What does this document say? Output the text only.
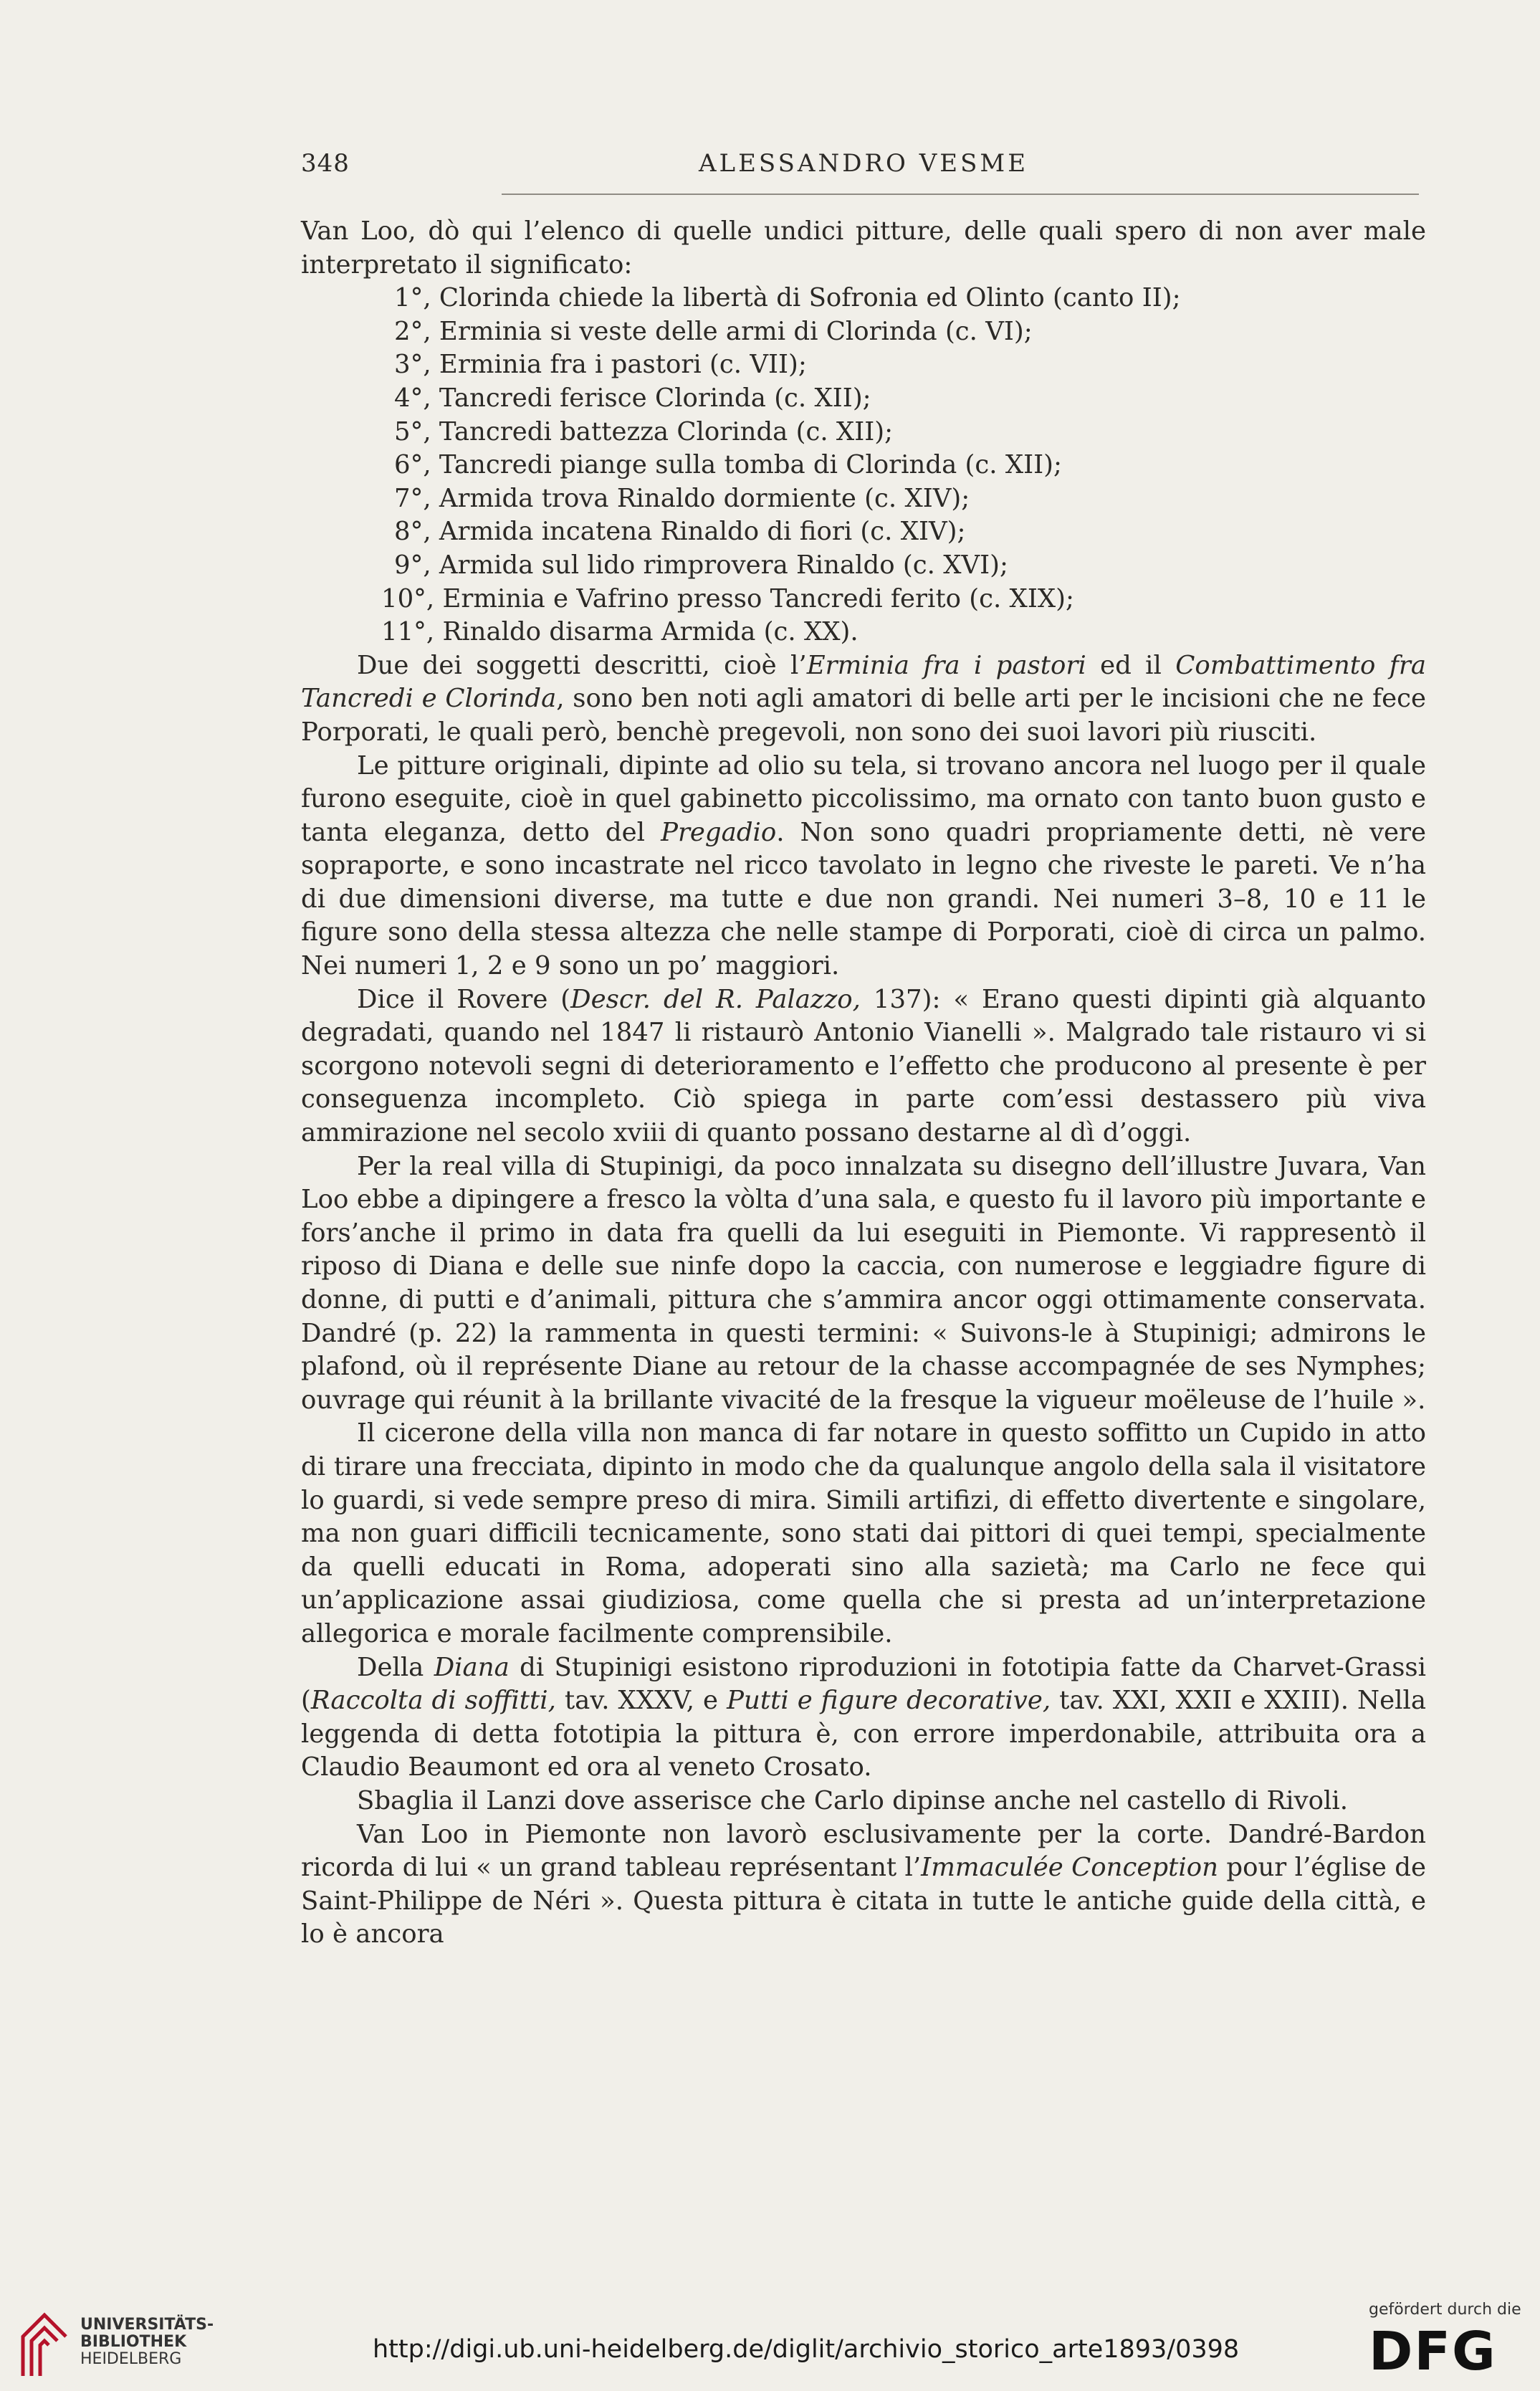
348	ALESSANDRO VESME

Van Loo, dò qui l’elenco di quelle undici pitture, delle quali spero di non aver male interpretato il significato:

1°, Clorinda chiede la libertà di Sofronia ed Olinto (canto II);
2°, Erminia si veste delle armi di Clorinda (c. VI);
3°, Erminia fra i pastori (c. VII);
4°, Tancredi ferisce Clorinda (c. XII);
5°, Tancredi battezza Clorinda (c. XII);
6°, Tancredi piange sulla tomba di Clorinda (c. XII);
7°, Armida trova Rinaldo dormiente (c. XIV);
8°, Armida incatena Rinaldo di fiori (c. XIV);
9°, Armida sul lido rimprovera Rinaldo (c. XVI);
10°, Erminia e Vafrino presso Tancredi ferito (c. XIX);
11°, Rinaldo disarma Armida (c. XX).

Due dei soggetti descritti, cioè l’Erminia fra i pastori ed il Combattimento fra Tancredi e Clorinda, sono ben noti agli amatori di belle arti per le incisioni che ne fece Porporati, le quali però, benchè pregevoli, non sono dei suoi lavori più riusciti.

Le pitture originali, dipinte ad olio su tela, si trovano ancora nel luogo per il quale furono eseguite, cioè in quel gabinetto piccolissimo, ma ornato con tanto buon gusto e tanta eleganza, detto del Pregadio. Non sono quadri propriamente detti, nè vere sopraporte, e sono incastrate nel ricco tavolato in legno che riveste le pareti. Ve n’ha di due dimensioni diverse, ma tutte e due non grandi. Nei numeri 3–8, 10 e 11 le figure sono della stessa altezza che nelle stampe di Porporati, cioè di circa un palmo. Nei numeri 1, 2 e 9 sono un po’ maggiori.

Dice il Rovere (Descr. del R. Palazzo, 137): « Erano questi dipinti già alquanto degradati, quando nel 1847 li ristaurò Antonio Vianelli ». Malgrado tale ristauro vi si scorgono notevoli segni di deterioramento e l’effetto che producono al presente è per conseguenza incompleto. Ciò spiega in parte com’essi destassero più viva ammirazione nel secolo xviii di quanto possano destarne al dì d’oggi.

Per la real villa di Stupinigi, da poco innalzata su disegno dell’illustre Juvara, Van Loo ebbe a dipingere a fresco la vòlta d’una sala, e questo fu il lavoro più importante e fors’anche il primo in data fra quelli da lui eseguiti in Piemonte. Vi rappresentò il riposo di Diana e delle sue ninfe dopo la caccia, con numerose e leggiadre figure di donne, di putti e d’animali, pittura che s’ammira ancor oggi ottimamente conservata. Dandré (p. 22) la rammenta in questi termini: « Suivons-le à Stupinigi; admirons le plafond, où il représente Diane au retour de la chasse accompagnée de ses Nymphes; ouvrage qui réunit à la brillante vivacité de la fresque la vigueur moëleuse de l’huile ».

Il cicerone della villa non manca di far notare in questo soffitto un Cupido in atto di tirare una frecciata, dipinto in modo che da qualunque angolo della sala il visitatore lo guardi, si vede sempre preso di mira. Simili artifizi, di effetto divertente e singolare, ma non guari difficili tecnicamente, sono stati dai pittori di quei tempi, specialmente da quelli educati in Roma, adoperati sino alla sazietà; ma Carlo ne fece qui un’applicazione assai giudiziosa, come quella che si presta ad un’interpretazione allegorica e morale facilmente comprensibile.

Della Diana di Stupinigi esistono riproduzioni in fototipia fatte da Charvet-Grassi (Raccolta di soffitti, tav. XXXV, e Putti e figure decorative, tav. XXI, XXII e XXIII). Nella leggenda di detta fototipia la pittura è, con errore imperdonabile, attribuita ora a Claudio Beaumont ed ora al veneto Crosato.

Sbaglia il Lanzi dove asserisce che Carlo dipinse anche nel castello di Rivoli.

Van Loo in Piemonte non lavorò esclusivamente per la corte. Dandré-Bardon ricorda di lui « un grand tableau représentant l’Immaculée Conception pour l’église de Saint-Philippe de Néri ». Questa pittura è citata in tutte le antiche guide della città, e lo è ancora

UNIVERSITÄTS-
BIBLIOTHEK
HEIDELBERG	http://digi.ub.uni-heidelberg.de/diglit/archivio_storico_arte1893/0398
gefördert durch die
DFG
